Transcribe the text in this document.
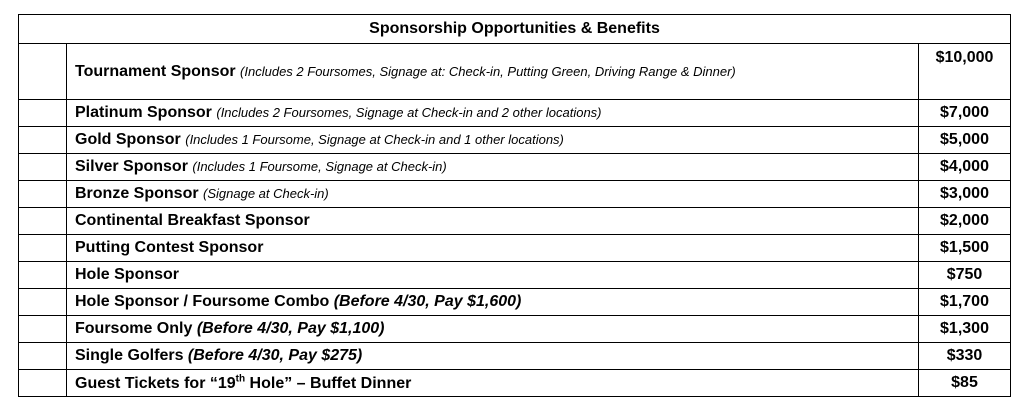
Sponsorship Opportunities & Benefits		
	Tournament Sponsor (Includes 2 Foursomes, Signage at: Check-in, Putting Green, Driving Range & Dinner)	$10,000
	Platinum Sponsor (Includes 2 Foursomes, Signage at Check-in and 2 other locations)	$7,000
	Gold Sponsor (Includes 1 Foursome, Signage at Check-in and 1 other locations)	$5,000
	Silver Sponsor (Includes 1 Foursome, Signage at Check-in)	$4,000
	Bronze Sponsor (Signage at Check-in)	$3,000
	Continental Breakfast Sponsor	$2,000
	Putting Contest Sponsor	$1,500
	Hole Sponsor	$750
	Hole Sponsor / Foursome Combo (Before 4/30, Pay $1,600)	$1,700
	Foursome Only (Before 4/30, Pay $1,100)	$1,300
	Single Golfers (Before 4/30, Pay $275)	$330
	Guest Tickets for “19th Hole” – Buffet Dinner	$85
